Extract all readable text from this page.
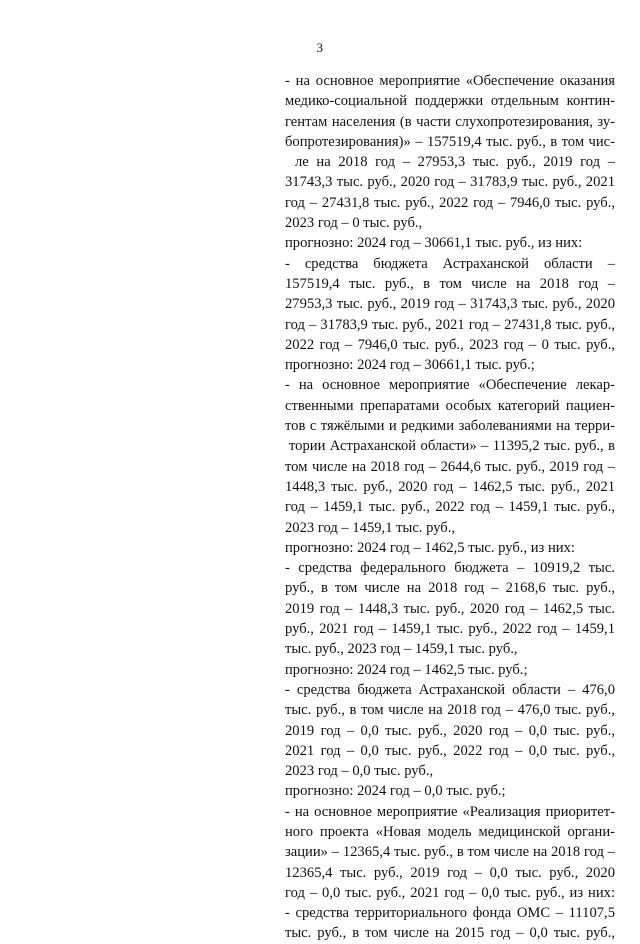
3
- на основное мероприятие «Обеспечение оказания
медико-социальной поддержки отдельным контин-
гентам населения (в части слухопротезирования, зу-
бопротезирования)» – 157519,4 тыс. руб., в том чис-
ле на 2018 год – 27953,3 тыс. руб., 2019 год –
31743,3 тыс. руб., 2020 год – 31783,9 тыс. руб., 2021
год – 27431,8 тыс. руб., 2022 год – 7946,0 тыс. руб.,
2023 год – 0 тыс. руб.,
прогнозно: 2024 год – 30661,1 тыс. руб., из них:
- средства бюджета Астраханской области –
157519,4 тыс. руб., в том числе на 2018 год –
27953,3 тыс. руб., 2019 год – 31743,3 тыс. руб., 2020
год – 31783,9 тыс. руб., 2021 год – 27431,8 тыс. руб.,
2022 год – 7946,0 тыс. руб., 2023 год – 0 тыс. руб.,
прогнозно: 2024 год – 30661,1 тыс. руб.;
- на основное мероприятие «Обеспечение лекар-
ственными препаратами особых категорий пациен-
тов с тяжёлыми и редкими заболеваниями на терри-
тории Астраханской области» – 11395,2 тыс. руб., в
том числе на 2018 год – 2644,6 тыс. руб., 2019 год –
1448,3 тыс. руб., 2020 год – 1462,5 тыс. руб., 2021
год – 1459,1 тыс. руб., 2022 год – 1459,1 тыс. руб.,
2023 год – 1459,1 тыс. руб.,
прогнозно: 2024 год – 1462,5 тыс. руб., из них:
- средства федерального бюджета – 10919,2 тыс.
руб., в том числе на 2018 год – 2168,6 тыс. руб.,
2019 год – 1448,3 тыс. руб., 2020 год – 1462,5 тыс.
руб., 2021 год – 1459,1 тыс. руб., 2022 год – 1459,1
тыс. руб., 2023 год – 1459,1 тыс. руб.,
прогнозно: 2024 год – 1462,5 тыс. руб.;
- средства бюджета Астраханской области – 476,0
тыс. руб., в том числе на 2018 год – 476,0 тыс. руб.,
2019 год – 0,0 тыс. руб., 2020 год – 0,0 тыс. руб.,
2021 год – 0,0 тыс. руб., 2022 год – 0,0 тыс. руб.,
2023 год – 0,0 тыс. руб.,
прогнозно: 2024 год – 0,0 тыс. руб.;
- на основное мероприятие «Реализация приоритет-
ного проекта «Новая модель медицинской органи-
зации» – 12365,4 тыс. руб., в том числе на 2018 год –
12365,4 тыс. руб., 2019 год – 0,0 тыс. руб., 2020
год – 0,0 тыс. руб., 2021 год – 0,0 тыс. руб., из них:
- средства территориального фонда ОМС – 11107,5
тыс. руб., в том числе на 2015 год – 0,0 тыс. руб.,
